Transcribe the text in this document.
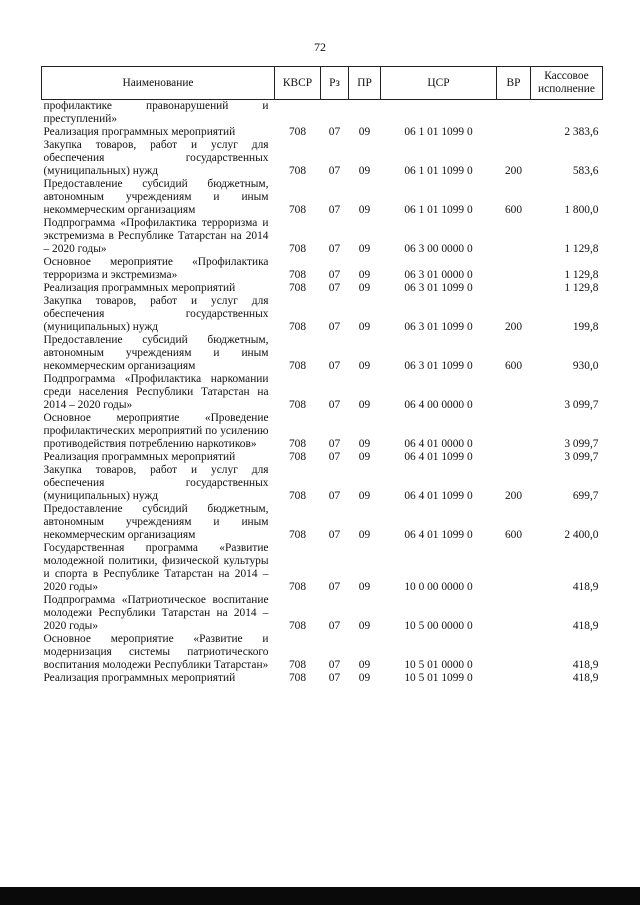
72
Наименование	КВСР	Рз	ПР	ЦСР	ВР	Кассовое исполнение
профилактике правонарушений и преступлений»						
Реализация программных мероприятий	708	07	09	06 1 01 1099 0		2 383,6
Закупка товаров, работ и услуг для обеспечения государственных (муниципальных) нужд	708	07	09	06 1 01 1099 0	200	583,6
Предоставление субсидий бюджетным, автономным учреждениям и иным некоммерческим организациям	708	07	09	06 1 01 1099 0	600	1 800,0
Подпрограмма «Профилактика терроризма и экстремизма в Республике Татарстан на 2014 – 2020 годы»	708	07	09	06 3 00 0000 0		1 129,8
Основное мероприятие «Профилактика терроризма и экстремизма»	708	07	09	06 3 01 0000 0		1 129,8
Реализация программных мероприятий	708	07	09	06 3 01 1099 0		1 129,8
Закупка товаров, работ и услуг для обеспечения государственных (муниципальных) нужд	708	07	09	06 3 01 1099 0	200	199,8
Предоставление субсидий бюджетным, автономным учреждениям и иным некоммерческим организациям	708	07	09	06 3 01 1099 0	600	930,0
Подпрограмма «Профилактика наркомании среди населения Республики Татарстан на 2014 – 2020 годы»	708	07	09	06 4 00 0000 0		3 099,7
Основное мероприятие «Проведение профилактических мероприятий по усилению противодействия потреблению наркотиков»	708	07	09	06 4 01 0000 0		3 099,7
Реализация программных мероприятий	708	07	09	06 4 01 1099 0		3 099,7
Закупка товаров, работ и услуг для обеспечения государственных (муниципальных) нужд	708	07	09	06 4 01 1099 0	200	699,7
Предоставление субсидий бюджетным, автономным учреждениям и иным некоммерческим организациям	708	07	09	06 4 01 1099 0	600	2 400,0
Государственная программа «Развитие молодежной политики, физической культуры и спорта в Республике Татарстан на 2014 – 2020 годы»	708	07	09	10 0 00 0000 0		418,9
Подпрограмма «Патриотическое воспитание молодежи Республики Татарстан на 2014 – 2020 годы»	708	07	09	10 5 00 0000 0		418,9
Основное мероприятие «Развитие и модернизация системы патриотического воспитания молодежи Республики Татарстан»	708	07	09	10 5 01 0000 0		418,9
Реализация программных мероприятий	708	07	09	10 5 01 1099 0		418,9
